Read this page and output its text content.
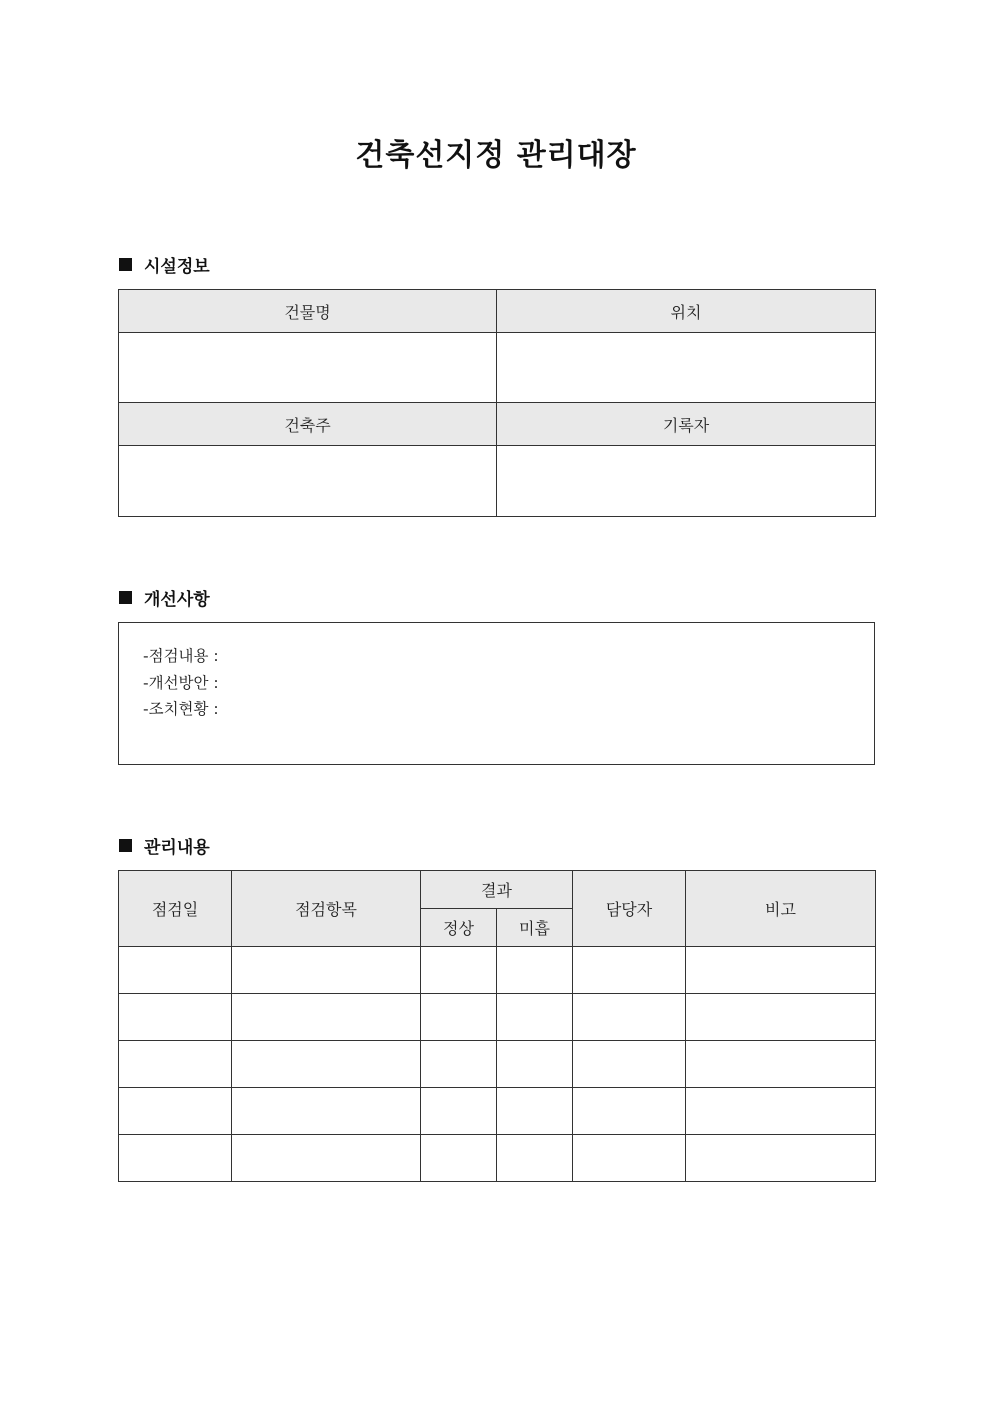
건축선지정 관리대장
시설정보
건물명	위치

건축주	기록자

개선사항
-점검내용 :
-개선방안 :
-조치현황 :
관리내용
점검일	점검항목	결과		담당자	비고
		정상	미흡		
